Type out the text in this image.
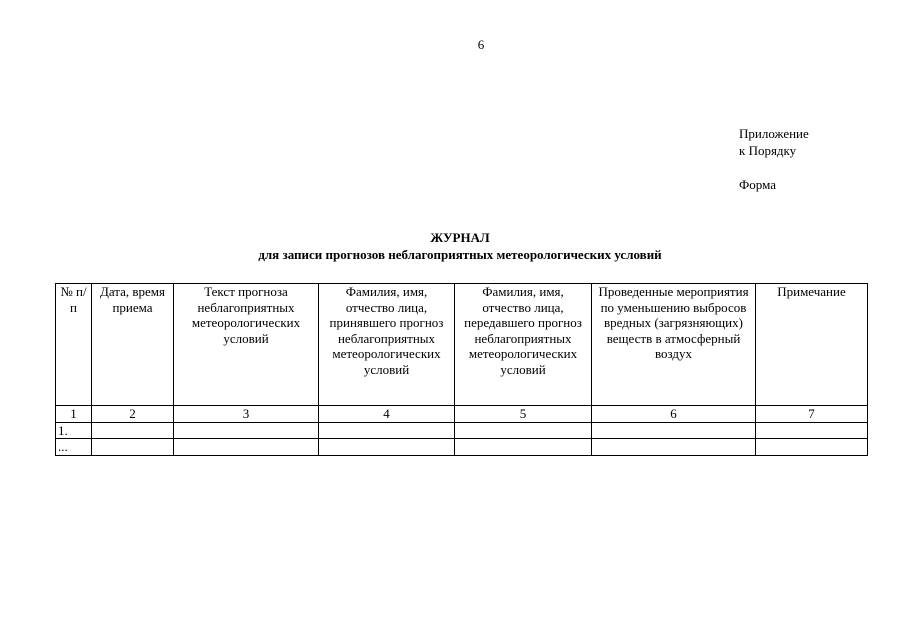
6
Приложение
к Порядку
Форма
ЖУРНАЛ
для записи прогнозов неблагоприятных метеорологических условий
№ п/п	Дата, время приема	Текст прогноза неблагоприятных метеорологических условий	Фамилия, имя, отчество лица, принявшего прогноз неблагоприятных метеорологических условий	Фамилия, имя, отчество лица, передавшего прогноз неблагоприятных метеорологических условий	Проведенные мероприятия по уменьшению выбросов вредных (загрязняющих) веществ в атмосферный воздух	Примечание
1	2	3	4	5	6	7
1.						
...						
